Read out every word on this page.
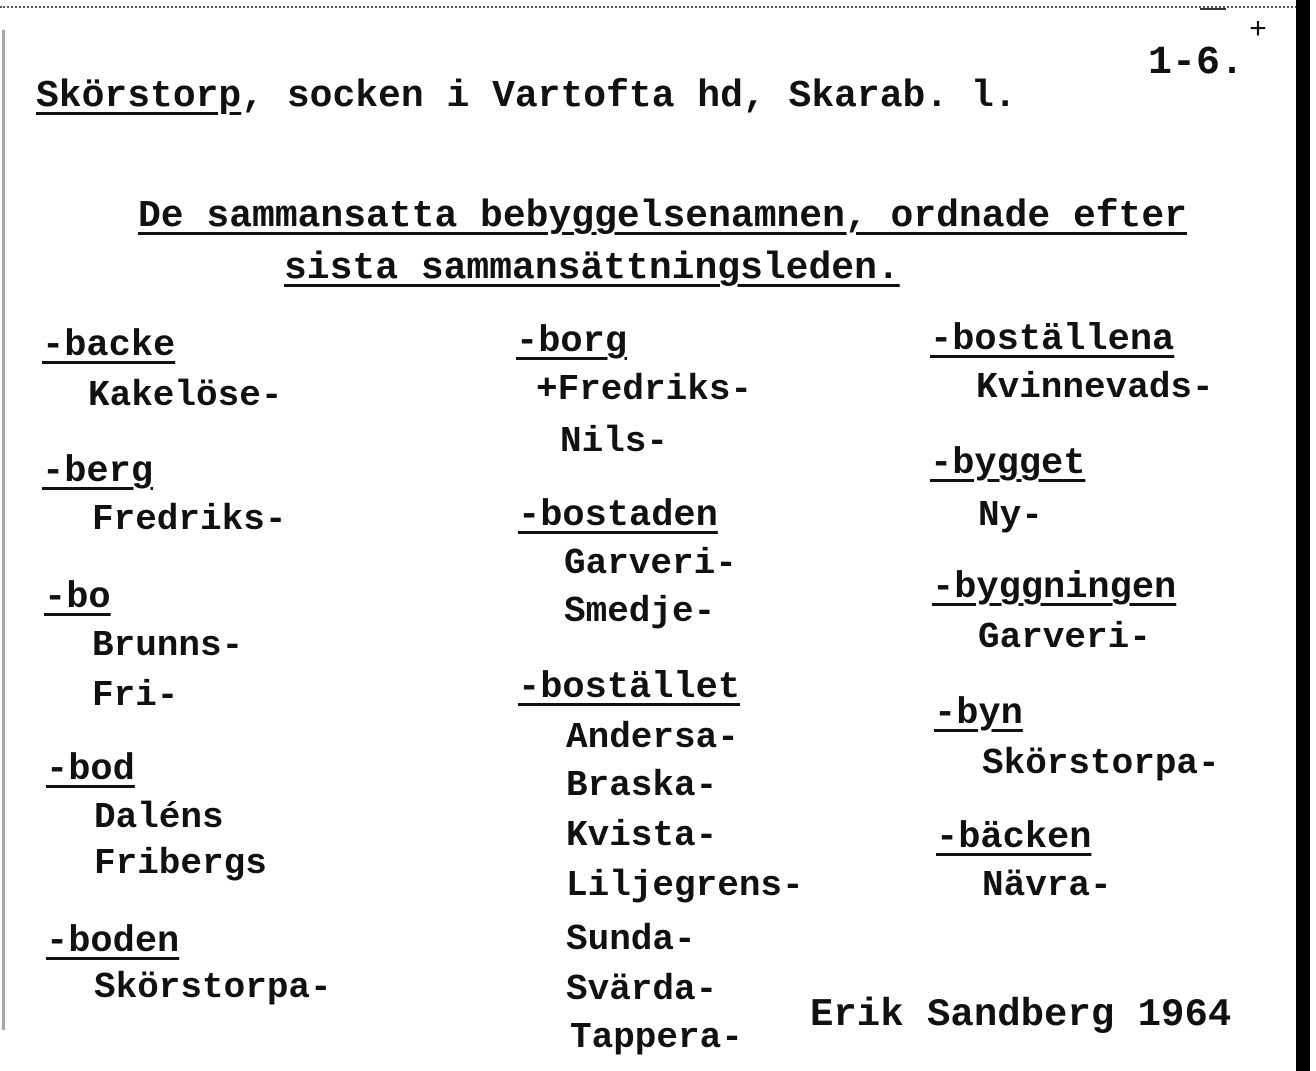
Skörstorp, socken i Vartofta hd, Skarab. l.
1-6.
+
De sammansatta bebyggelsenamnen, ordnade efter
sista sammansättningsleden.
-backe
Kakelöse-
-berg
Fredriks-
-bo
Brunns-
Fri-
-bod
Daléns
Fribergs
-boden
Skörstorpa-
-borg
+Fredriks-
Nils-
-bostaden
Garveri-
Smedje-
-bostället
Andersa-
Braska-
Kvista-
Liljegrens-
Sunda-
Svärda-
Tappera-
-boställena
Kvinnevads-
-bygget
Ny-
-byggningen
Garveri-
-byn
Skörstorpa-
-bäcken
Nävra-
Erik Sandberg 1964
